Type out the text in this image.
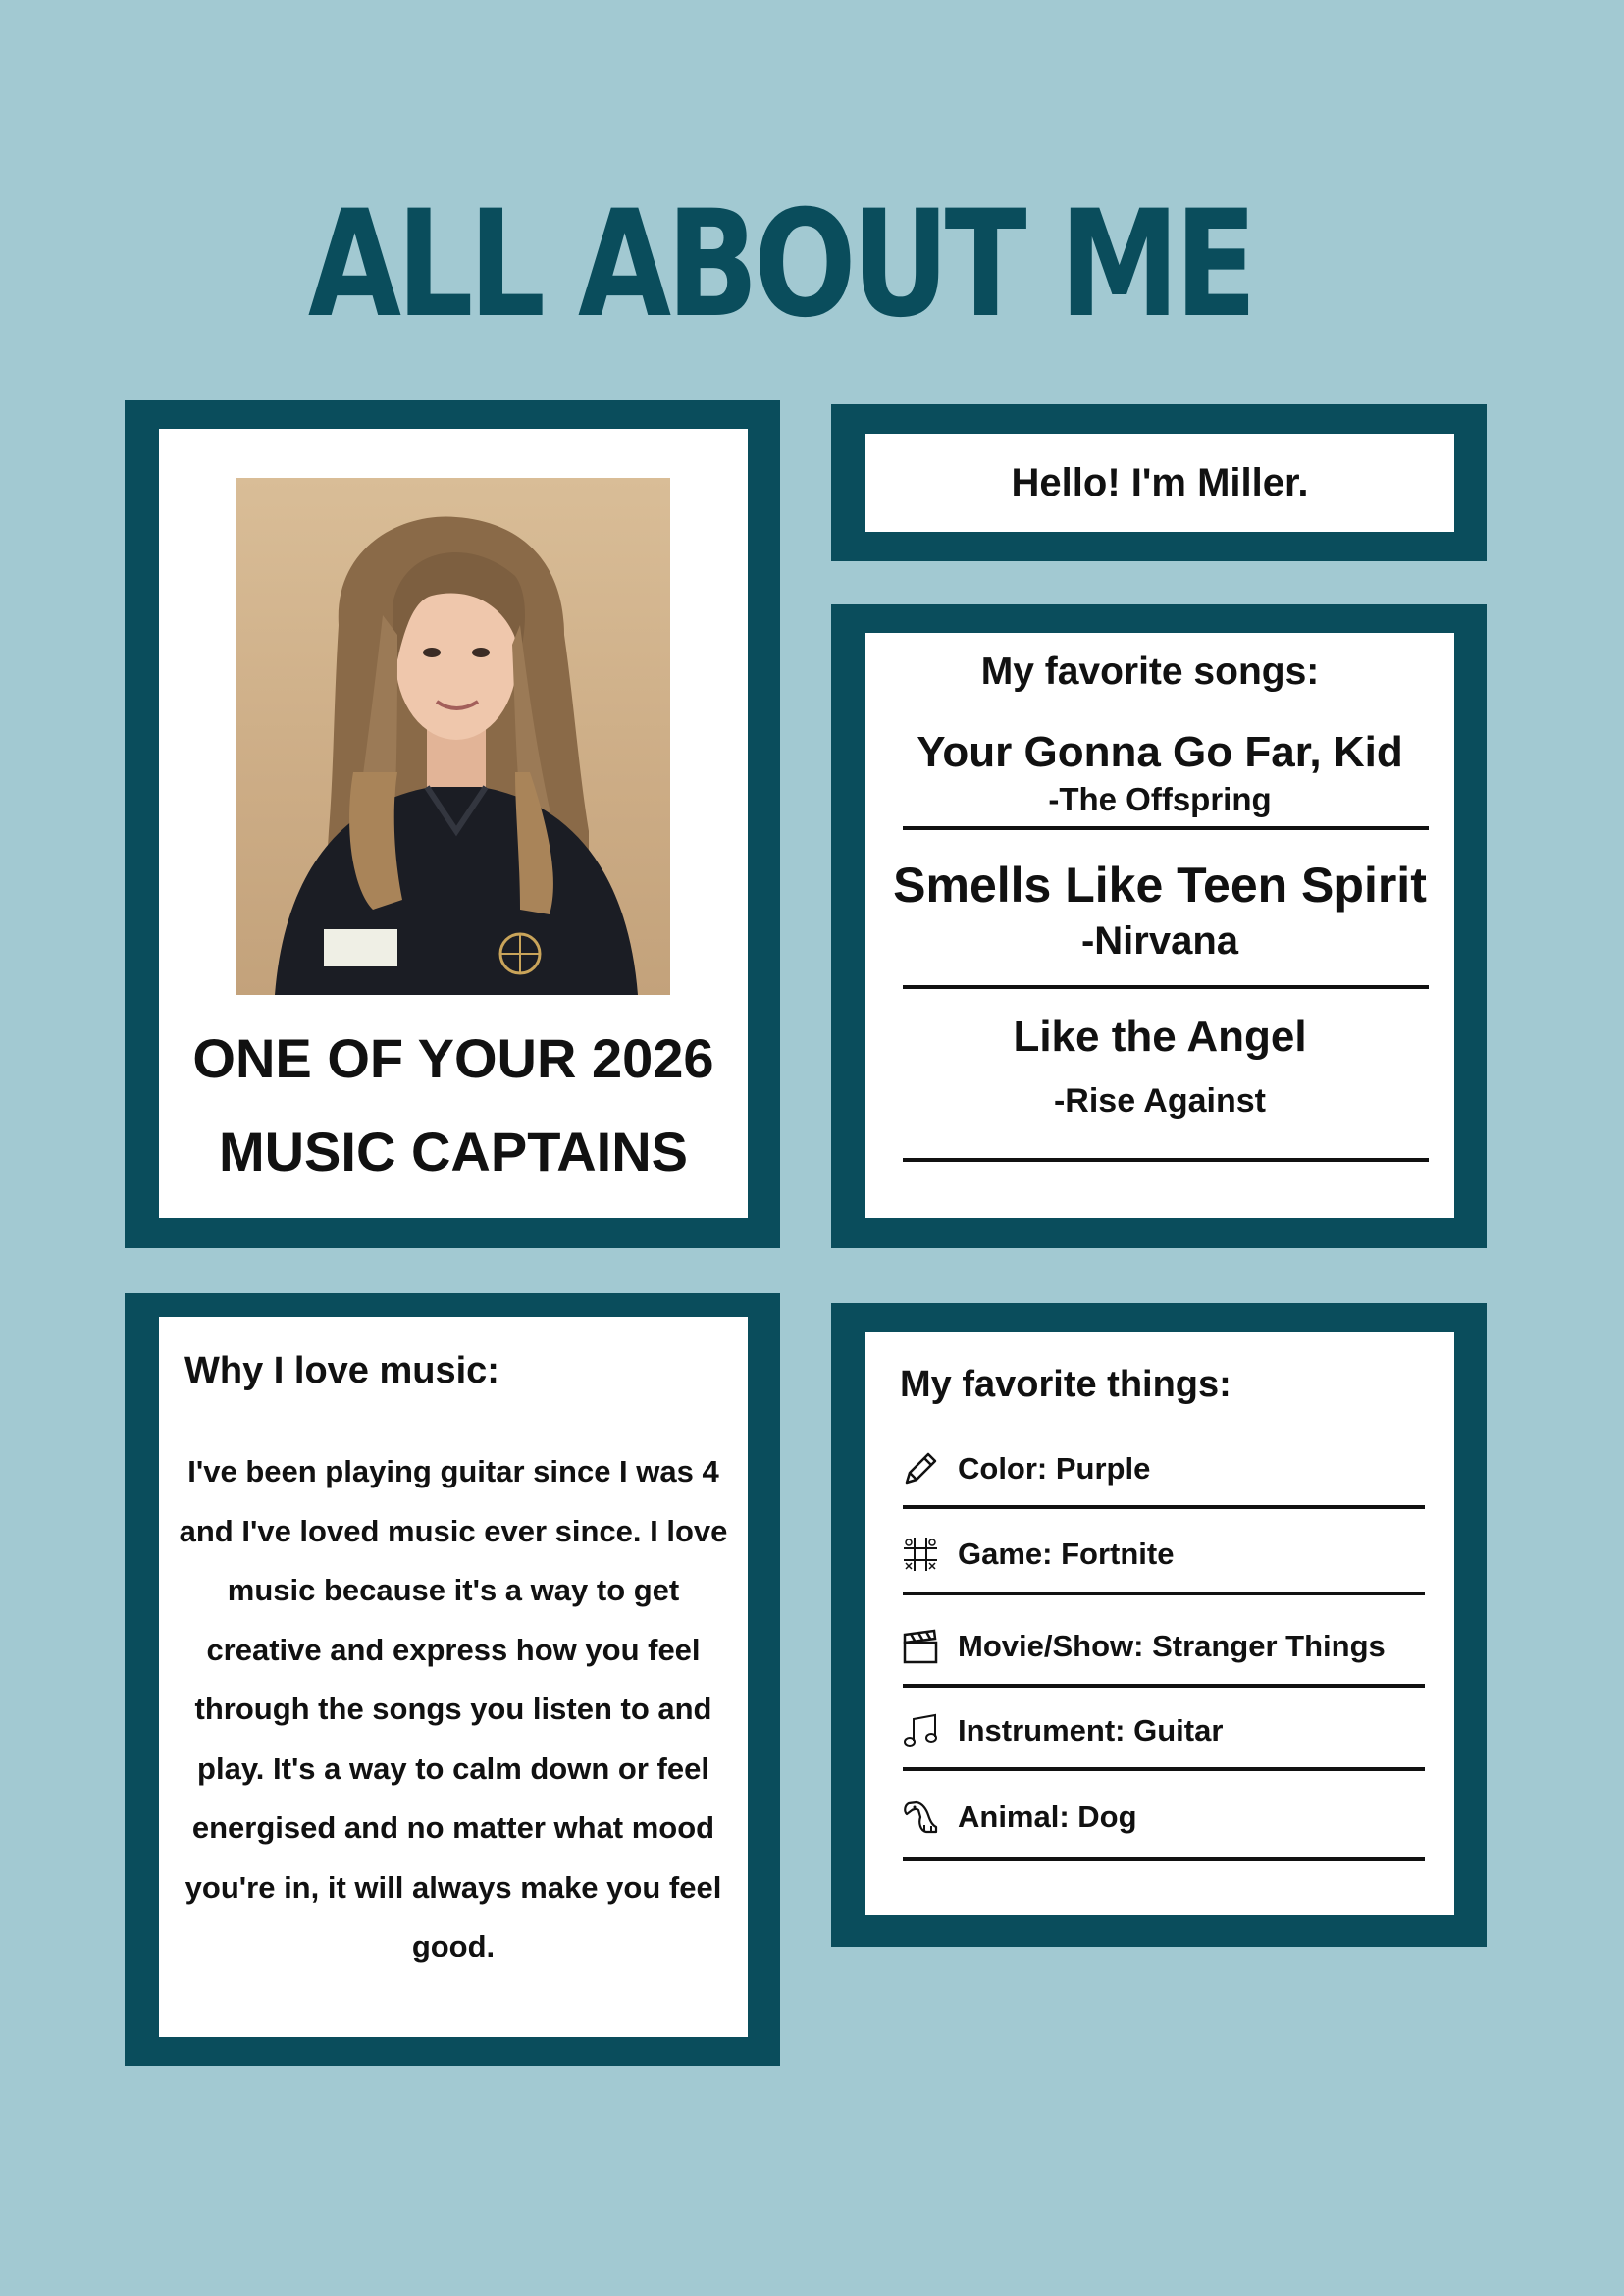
ALL ABOUT ME
ONE OF YOUR 2026
MUSIC CAPTAINS
Hello! I'm Miller.
My favorite songs:
Your Gonna Go Far, Kid
-The Offspring
Smells Like Teen Spirit
-Nirvana
Like the Angel
-Rise Against
Why I love music:
I've been playing guitar since I was 4 and I've loved music ever since. I love music because it's a way to get creative and express how you feel through the songs you listen to and play. It's a way to calm down or feel energised and no matter what mood you're in, it will always make you feel good.
My favorite things:
Color: Purple
Game: Fortnite
Movie/Show: Stranger Things
Instrument: Guitar
Animal: Dog
